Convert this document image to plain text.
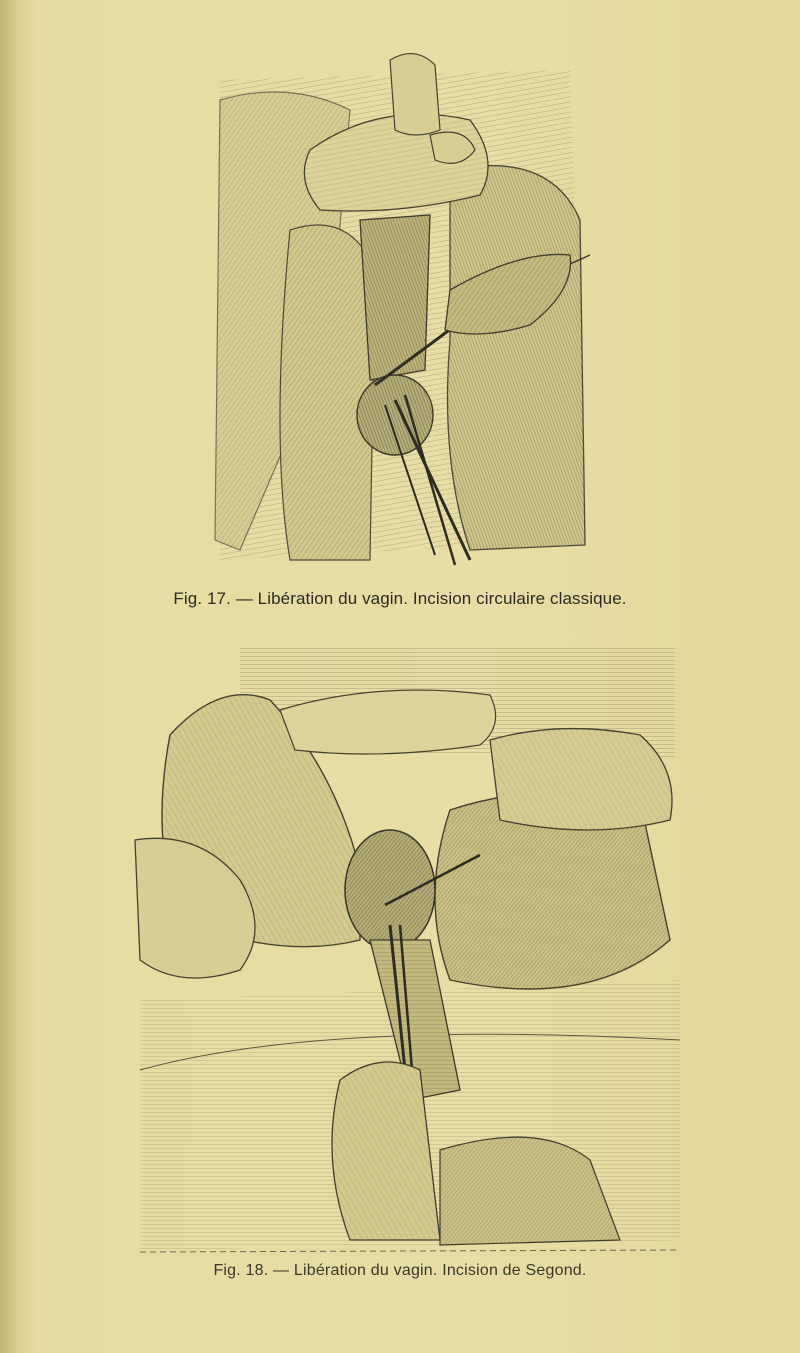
Fig. 17. — Libération du vagin. Incision circulaire classique.
Fig. 18. — Libération du vagin. Incision de Segond.
